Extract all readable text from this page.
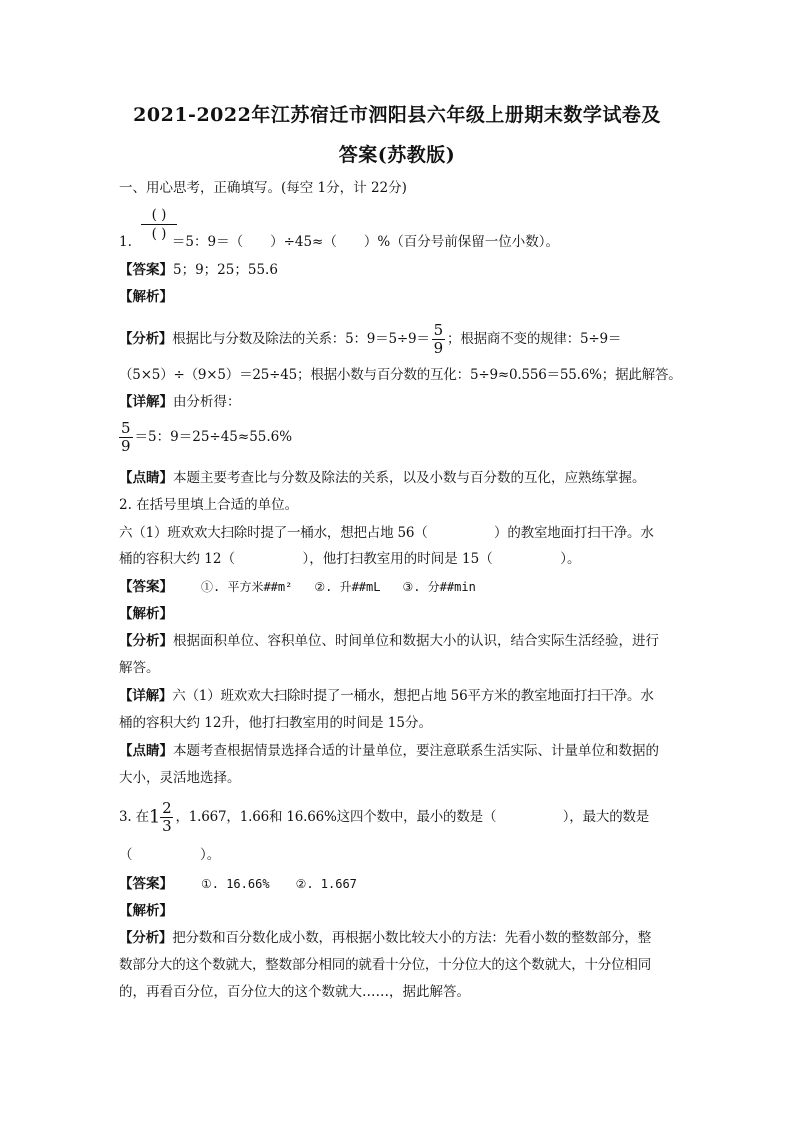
2021-2022年江苏宿迁市泗阳县六年级上册期末数学试卷及
答案(苏教版)
一、用心思考，正确填写。(每空 1分，计 22分)
( )
( )
1.	＝5：9＝（　　）÷45≈（　　）%（百分号前保留一位小数）。
【答案】5；9；25；55.6
【解析】
【分析】根据比与分数及除法的关系：5：$9=5\div 9= \frac{5}{9}$ ；根据商不变的规律：5÷9＝
（5×5）÷（9×5）＝25÷45；根据小数与百分数的互化：5÷9≈0.556＝55.6%；据此解答。
【详解】由分析得：
$\frac{5}{9} =5$：9＝25÷45≈55.6%
【点睛】本题主要考查比与分数及除法的关系，以及小数与百分数的互化，应熟练掌握。
2. 在括号里填上合适的单位。
六（1）班欢欢大扫除时提了一桶水，想把占地 56（　　　　　）的教室地面打扫干净。水
桶的容积大约 12（　　　　　），他打扫教室用的时间是 15（　　　　　）。
【答案】 ①. 平方米##m² ②. 升##mL ③. 分##min
【解析】
【分析】根据面积单位、容积单位、时间单位和数据大小的认识，结合实际生活经验，进行
解答。
【详解】六（1）班欢欢大扫除时提了一桶水，想把占地 56平方米的教室地面打扫干净。水
桶的容积大约 12升，他打扫教室用的时间是 15分。
【点睛】本题考查根据情景选择合适的计量单位，要注意联系生活实际、计量单位和数据的
大小，灵活地选择。
3. 在$1 \frac{2}{3}$ ，1.667，1.66和 16.66%这四个数中，最小的数是（　　　　　），最大的数是
（　　　　　）。
【答案】 ①. 16.66% ②. 1.667
【解析】
【分析】把分数和百分数化成小数，再根据小数比较大小的方法：先看小数的整数部分，整
数部分大的这个数就大，整数部分相同的就看十分位，十分位大的这个数就大，十分位相同
的，再看百分位，百分位大的这个数就大……，据此解答。
